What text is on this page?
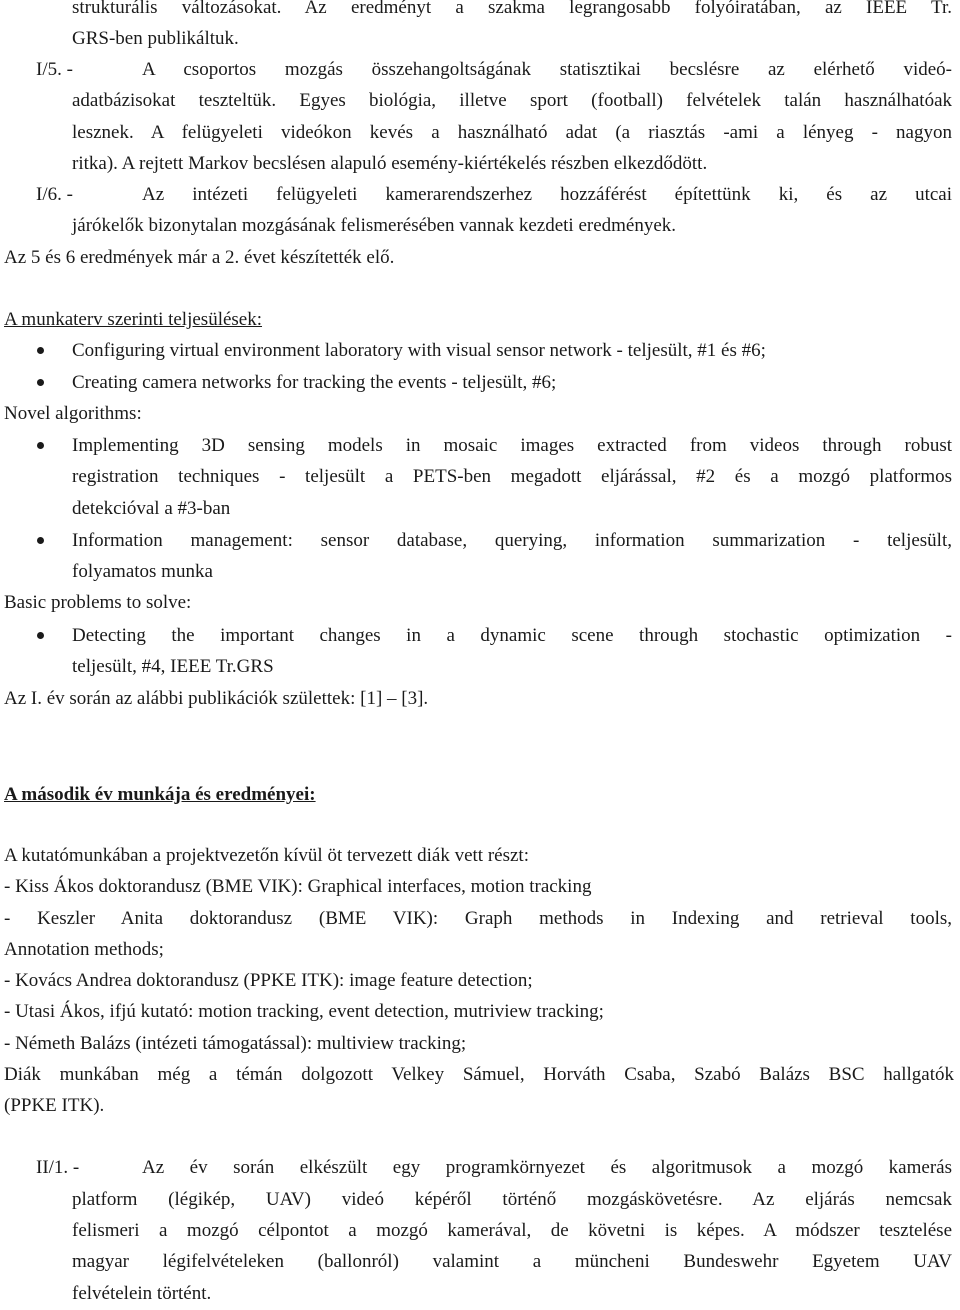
strukturális változásokat. Az eredményt a szakma legrangosabb folyóiratában, az IEEE Tr.
GRS-ben publikáltuk.
I/5. -	A csoportos mozgás összehangoltságának statisztikai becslésre az elérhető videó-
adatbázisokat teszteltük. Egyes biológia, illetve sport (football) felvételek talán használhatóak
lesznek. A felügyeleti videókon kevés a használható adat (a riasztás -ami a lényeg - nagyon
ritka). A rejtett Markov becslésen alapuló esemény-kiértékelés részben elkezdődött.
I/6. -	Az intézeti felügyeleti kamerarendszerhez hozzáférést építettünk ki, és az utcai
járókelők bizonytalan mozgásának felismerésében vannak kezdeti eredmények.
Az 5 és 6 eredmények már a 2. évet készítették elő.
A munkaterv szerinti teljesülések:
Configuring virtual environment laboratory with visual sensor network - teljesült, #1 és #6;
Creating camera networks for tracking the events - teljesült, #6;
Novel algorithms:
Implementing 3D sensing models in mosaic images extracted from videos through robust
registration techniques - teljesült a PETS-ben megadott eljárással, #2 és a mozgó platformos
detekcióval a #3-ban
Information management: sensor database, querying, information summarization - teljesült,
folyamatos munka
Basic problems to solve:
Detecting the important changes in a dynamic scene through stochastic optimization -
teljesült, #4, IEEE Tr.GRS
Az I. év során az alábbi publikációk születtek: [1] – [3].
A második év munkája és eredményei:
A kutatómunkában a projektvezetőn kívül öt tervezett diák vett részt:
- Kiss Ákos doktorandusz (BME VIK): Graphical interfaces, motion tracking
- Keszler Anita doktorandusz (BME VIK): Graph methods in Indexing and retrieval tools,
Annotation methods;
- Kovács Andrea doktorandusz (PPKE ITK): image feature detection;
- Utasi Ákos, ifjú kutató: motion tracking, event detection, mutriview tracking;
- Németh Balázs (intézeti támogatással): multiview tracking;
Diák munkában még a témán dolgozott Velkey Sámuel, Horváth Csaba, Szabó Balázs BSC hallgatók
(PPKE ITK).
II/1. -	Az év során elkészült egy programkörnyezet és algoritmusok a mozgó kamerás
platform (légikép, UAV) videó képéről történő mozgáskövetésre. Az eljárás nemcsak
felismeri a mozgó célpontot a mozgó kamerával, de követni is képes. A módszer tesztelése
magyar légifelvételeken (ballonról) valamint a müncheni Bundeswehr Egyetem UAV
felvételein történt.
